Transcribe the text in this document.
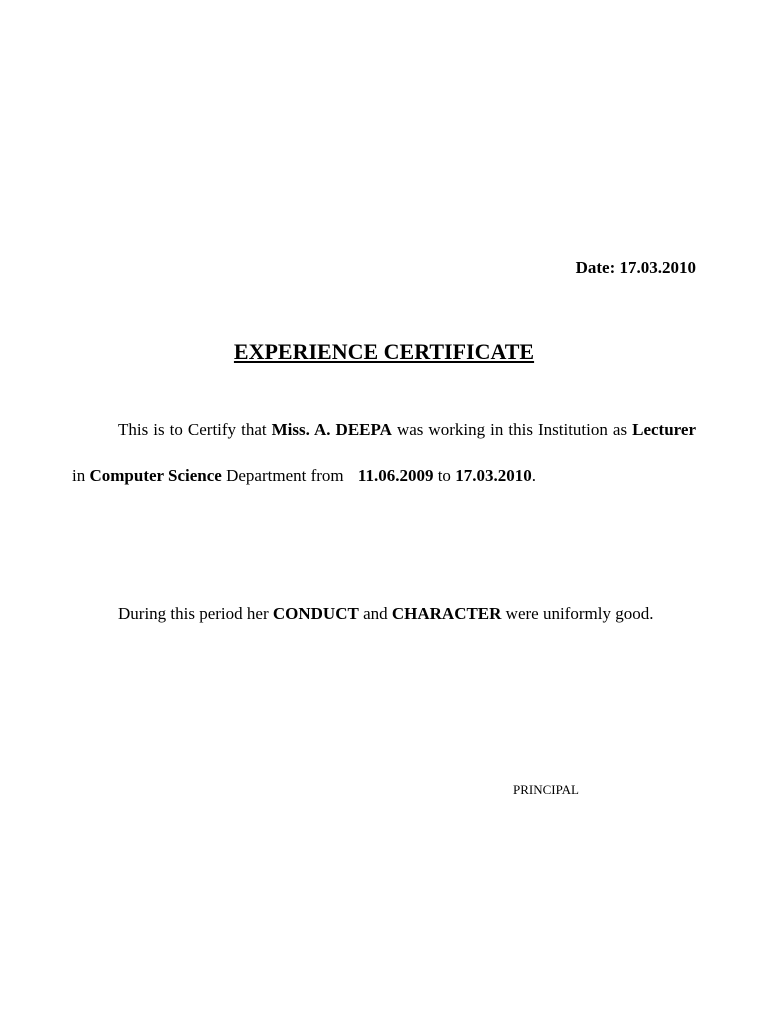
Date: 17.03.2010
EXPERIENCE CERTIFICATE
This is to Certify that Miss. A. DEEPA was working in this Institution as Lecturer in Computer Science Department from 11.06.2009 to 17.03.2010.
During this period her CONDUCT and CHARACTER were uniformly good.
PRINCIPAL
